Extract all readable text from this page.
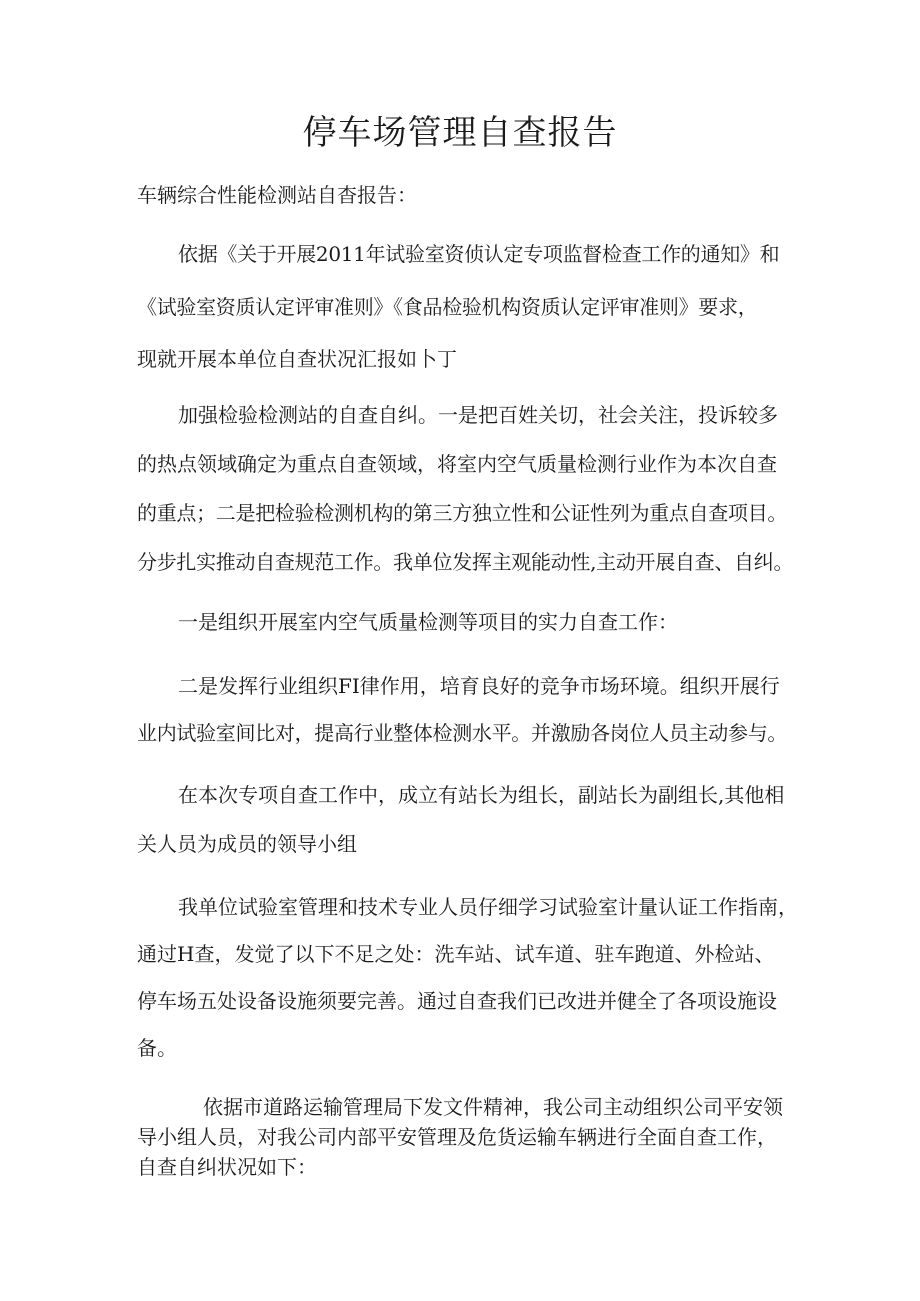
停车场管理自查报告
车辆综合性能检测站自杳报告：
依据《关于开展2011年试验室资侦认定专项监督检查工作的通知》和
《试验室资质认定评审准则》《食品检验机构资质认定评审准则》要求，
现就开展本单位自查状况汇报如卜丁
加强检验检测站的自查自纠。一是把百姓关切，社会关注，投诉较多
的热点领域确定为重点自查领域，将室内空气质量检测行业作为本次自查
的重点；二是把检验检测机构的第三方独立性和公证性列为重点自查项目。
分步扎实推动自查规范工作。我单位发挥主观能动性,主动开展自查、自纠。
一是组织开展室内空气质量检测等项目的实力自查工作：
二是发挥行业组织FI律作用，培育良好的竞争市场环境。组织开展行
业内试验室间比对，提高行业整体检测水平。并激励各岗位人员主动参与。
在本次专项自查工作中，成立有站长为组长，副站长为副组长,其他相
关人员为成员的领导小组
我单位试验室管理和技术专业人员仔细学习试验室计量认证工作指南，
通过H查，发觉了以下不足之处：洗车站、试车道、驻车跑道、外检站、
停车场五处设备设施须要完善。通过自查我们已改进并健全了各项设施设
备。
依据市道路运输管理局下发文件精神，我公司主动组织公司平安领
导小组人员，对我公司内部平安管理及危货运输车辆进行全面自查工作，
自查自纠状况如下：
